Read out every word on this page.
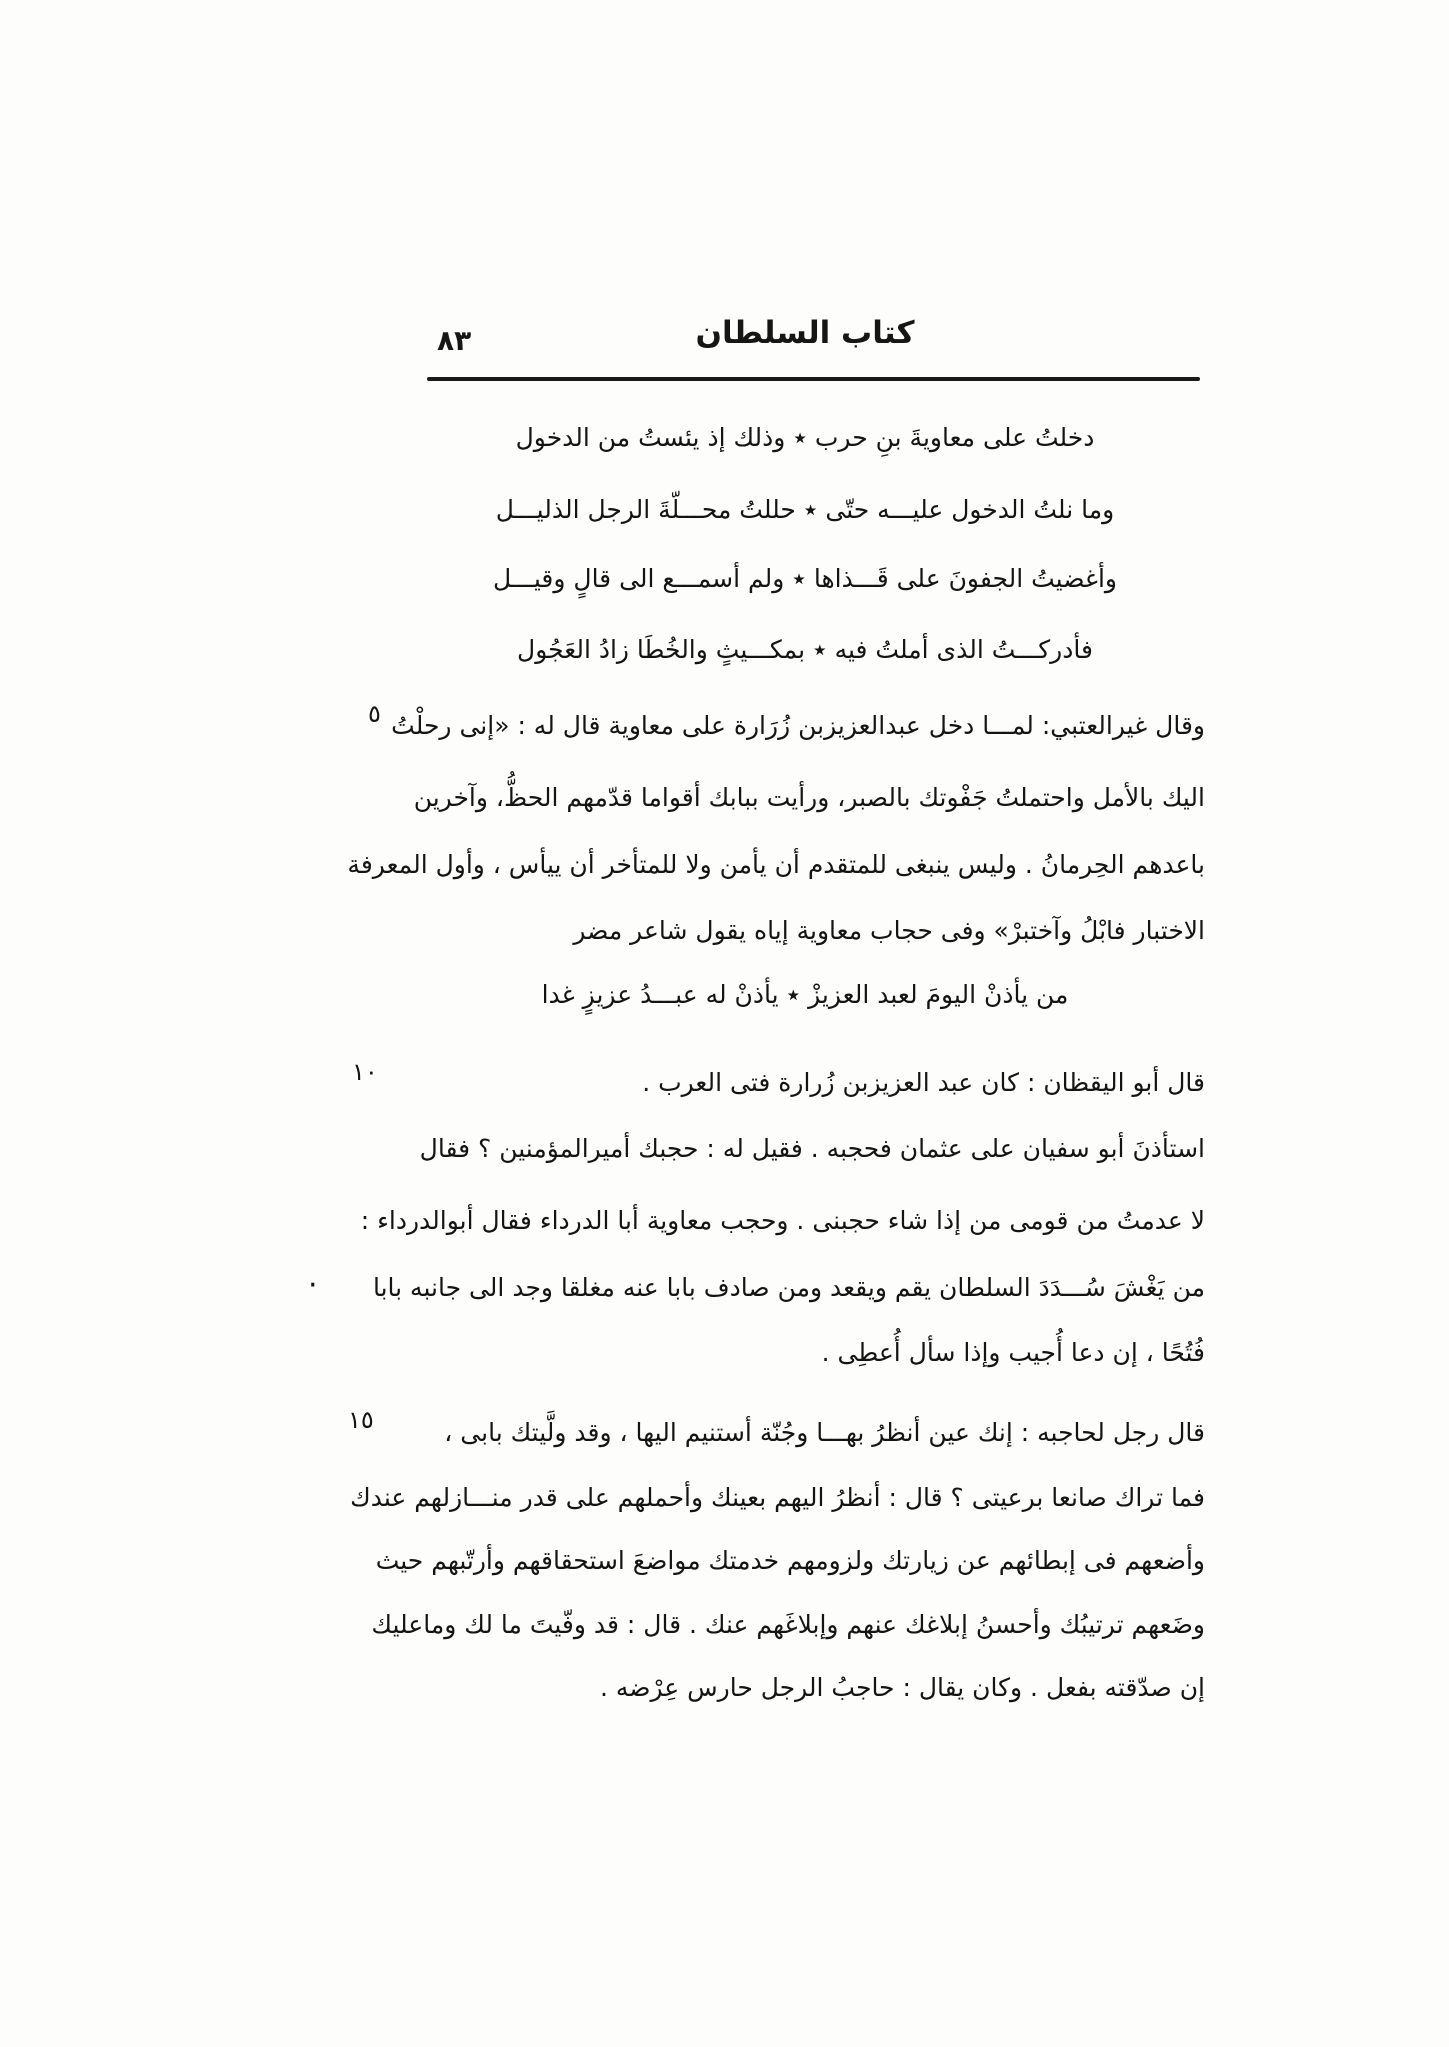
كتاب السلطان
٨٣
٥
١٠
·
١٥
دخلتُ على معاويةَ بنِ حرب ٭ وذلك إذ يئستُ من الدخول
وما نلتُ الدخول عليـــه حتّى ٭ حللتُ محـــلّةَ الرجل الذليـــل
وأغضيتُ الجفونَ على قَـــذاها ٭ ولم أسمـــع الى قالٍ وقيـــل
فأدركـــتُ الذى أملتُ فيه ٭ بمكـــيثٍ والخُطَا زادُ العَجُول
وقال غيرالعتبي: لمـــا دخل عبدالعزيزبن زُرَارة على معاوية قال له : «إنى رحلْتُ
اليك بالأمل واحتملتُ جَفْوتك بالصبر، ورأيت ببابك أقواما قدّمهم الحظُّ، وآخرين
باعدهم الحِرمانُ . وليس ينبغى للمتقدم أن يأمن ولا للمتأخر أن ييأس ، وأول المعرفة
الاختبار فابْلُ وآختبرْ» وفى حجاب معاوية إياه يقول شاعر مضر
من يأذنْ اليومَ لعبد العزيزْ ٭ يأذنْ له عبـــدُ عزيزٍ غدا
قال أبو اليقظان : كان عبد العزيزبن زُرارة فتى العرب .
استأذنَ أبو سفيان على عثمان فحجبه . فقيل له : حجبك أميرالمؤمنين ؟ فقال
لا عدمتُ من قومى من إذا شاء حجبنى . وحجب معاوية أبا الدرداء فقال أبوالدرداء :
من يَغْشَ سُـــدَدَ السلطان يقم ويقعد ومن صادف بابا عنه مغلقا وجد الى جانبه بابا
فُتُحًا ، إن دعا أُجيب وإذا سأل أُعطِى .
قال رجل لحاجبه : إنك عين أنظرُ بهـــا وجُنّة أستنيم اليها ، وقد ولَّيتك بابى ،
فما تراك صانعا برعيتى ؟ قال : أنظرُ اليهم بعينك وأحملهم على قدر منـــازلهم عندك
وأضعهم فى إبطائهم عن زيارتك ولزومهم خدمتك مواضعَ استحقاقهم وأرتّبهم حيث
وضَعهم ترتيبُك وأحسنُ إبلاغك عنهم وإبلاغَهم عنك . قال : قد وفّيتَ ما لك وماعليك
إن صدّقته بفعل . وكان يقال : حاجبُ الرجل حارس عِرْضه .
